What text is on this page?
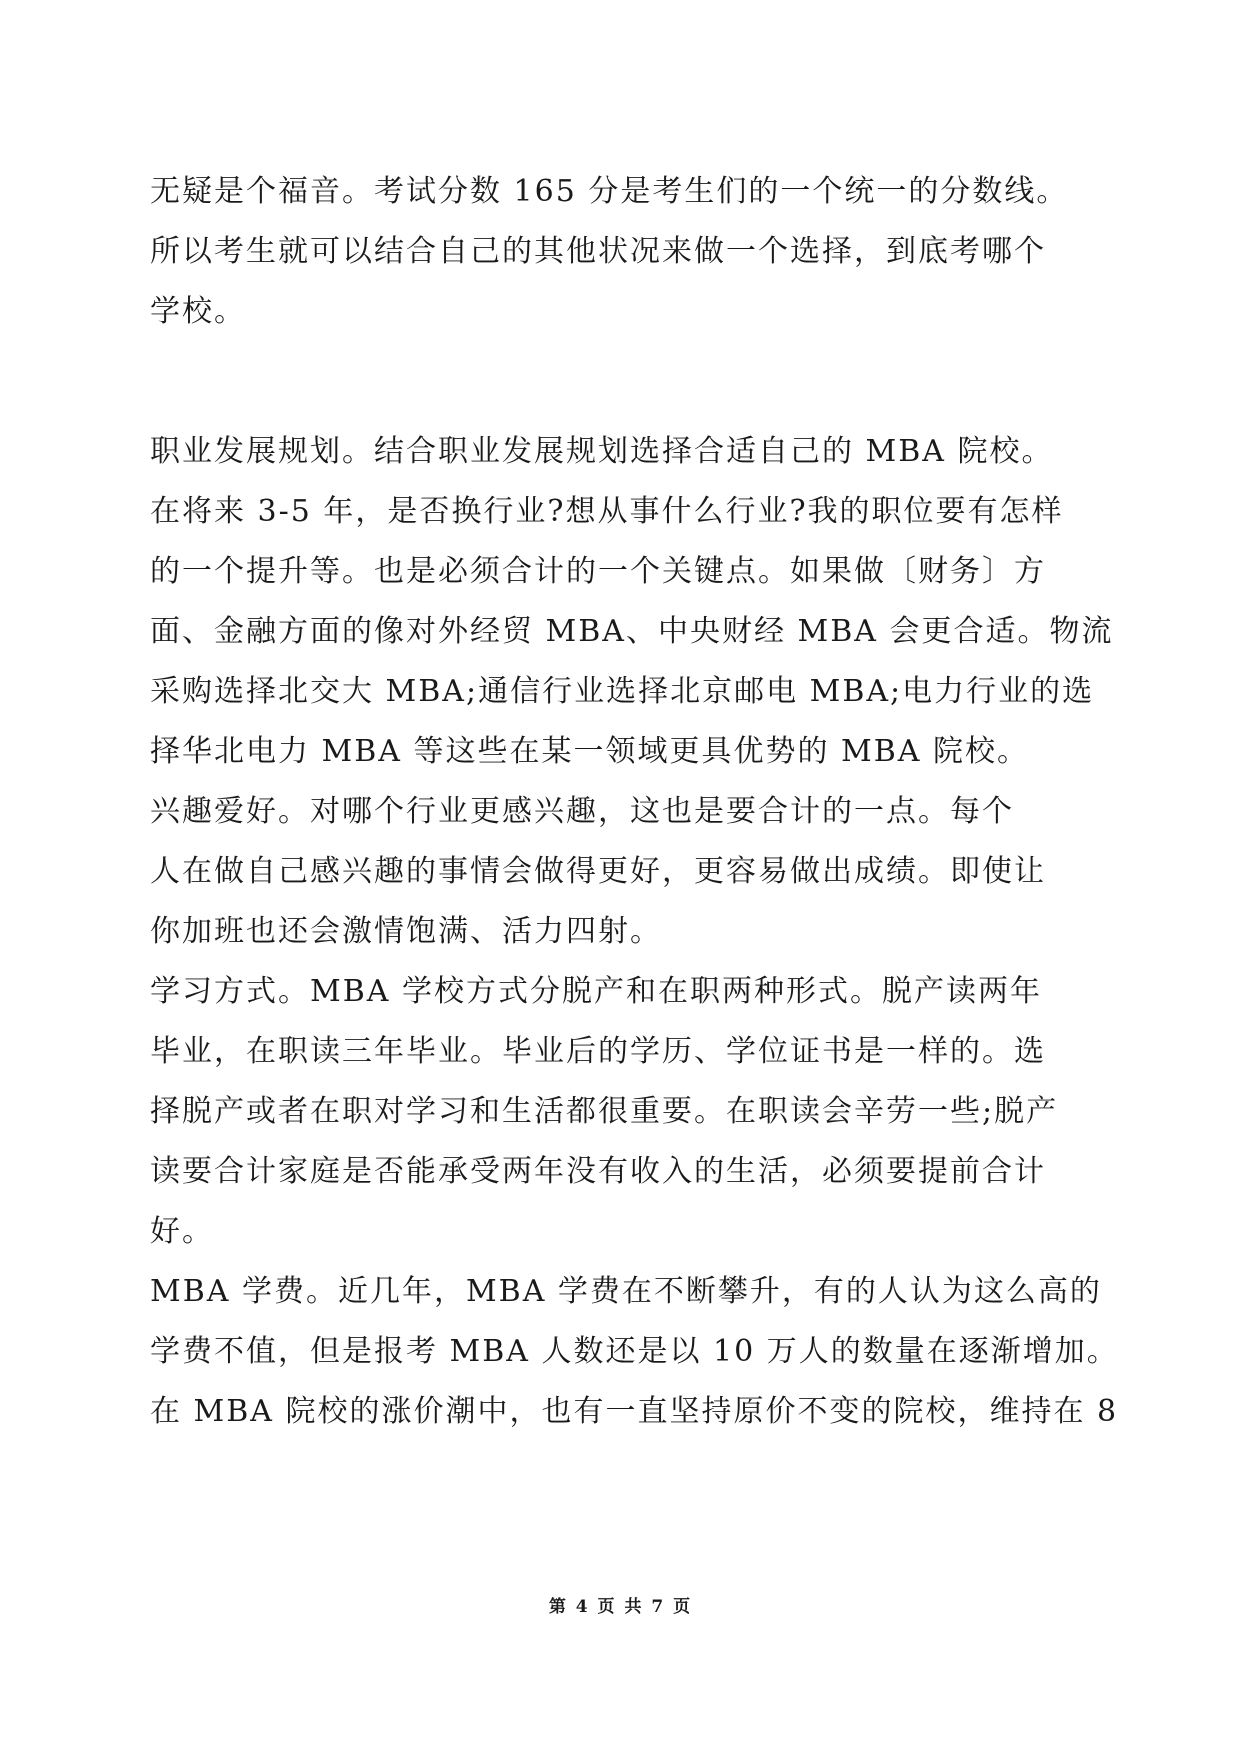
无疑是个福音。考试分数 165 分是考生们的一个统一的分数线。
所以考生就可以结合自己的其他状况来做一个选择，到底考哪个
学校。
职业发展规划。结合职业发展规划选择合适自己的 MBA 院校。
在将来 3-5 年，是否换行业?想从事什么行业?我的职位要有怎样
的一个提升等。也是必须合计的一个关键点。如果做〔财务〕方
面、金融方面的像对外经贸 MBA、中央财经 MBA 会更合适。物流
采购选择北交大 MBA;通信行业选择北京邮电 MBA;电力行业的选
择华北电力 MBA 等这些在某一领域更具优势的 MBA 院校。
兴趣爱好。对哪个行业更感兴趣，这也是要合计的一点。每个
人在做自己感兴趣的事情会做得更好，更容易做出成绩。即使让
你加班也还会激情饱满、活力四射。
学习方式。MBA 学校方式分脱产和在职两种形式。脱产读两年
毕业，在职读三年毕业。毕业后的学历、学位证书是一样的。选
择脱产或者在职对学习和生活都很重要。在职读会辛劳一些;脱产
读要合计家庭是否能承受两年没有收入的生活，必须要提前合计
好。
MBA 学费。近几年，MBA 学费在不断攀升，有的人认为这么高的
学费不值，但是报考 MBA 人数还是以 10 万人的数量在逐渐增加。
在 MBA 院校的涨价潮中，也有一直坚持原价不变的院校，维持在 8
第 4 页 共 7 页
